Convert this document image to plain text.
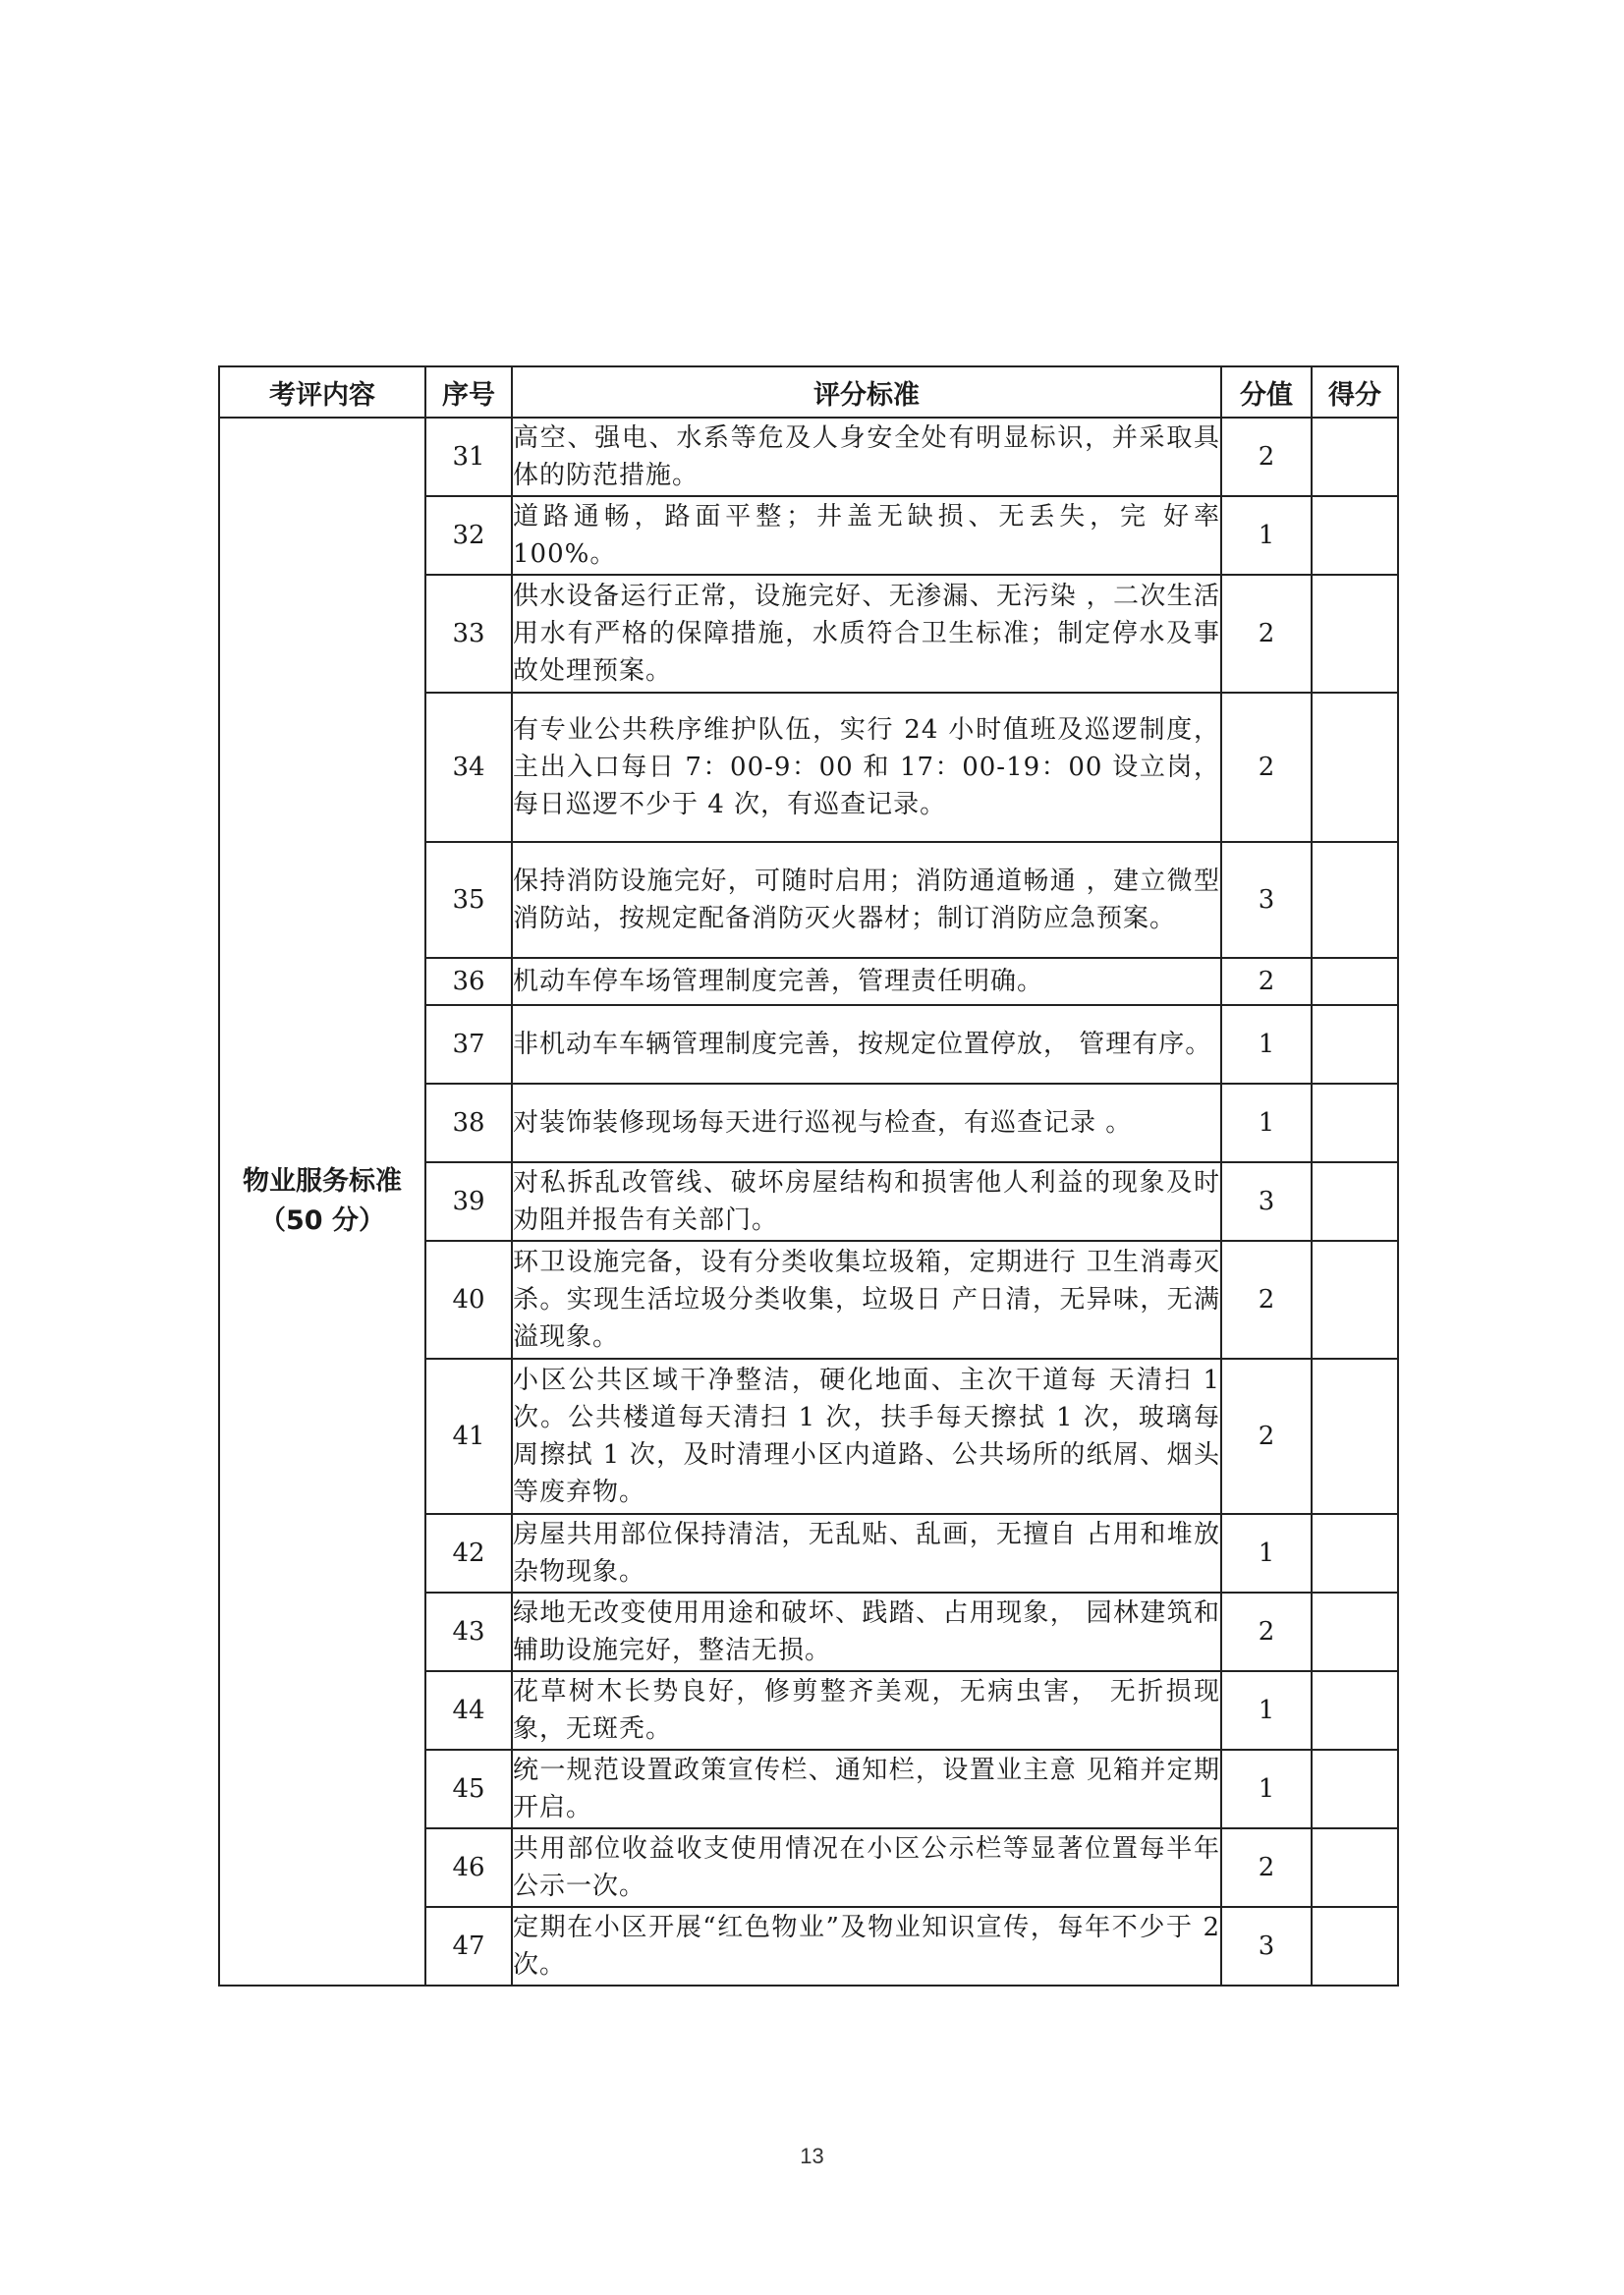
考评内容	序号	评分标准	分值	得分

物业服务标准
（50 分）	31	高空、强电、水系等危及人身安全处有明显标识，并采取具体的防范措施。	2	
	32	道路通畅，路面平整；井盖无缺损、无丢失，完 好率 100%。	1	
	33	供水设备运行正常，设施完好、无渗漏、无污染 ，二次生活用水有严格的保障措施，水质符合卫生标准；制定停水及事故处理预案。	2	
	34	有专业公共秩序维护队伍，实行 24 小时值班及巡逻制度，主出入口每日 7：00-9：00 和 17：00-19：00 设立岗，每日巡逻不少于 4 次，有巡查记录。	2	
	35	保持消防设施完好，可随时启用；消防通道畅通 ，建立微型消防站，按规定配备消防灭火器材；制订消防应急预案。	3	
	36	机动车停车场管理制度完善，管理责任明确。	2	
	37	非机动车车辆管理制度完善，按规定位置停放， 管理有序。	1	
	38	对装饰装修现场每天进行巡视与检查，有巡查记录 。	1	
	39	对私拆乱改管线、破坏房屋结构和损害他人利益的现象及时劝阻并报告有关部门。	3	
	40	环卫设施完备，设有分类收集垃圾箱，定期进行 卫生消毒灭杀。实现生活垃圾分类收集，垃圾日 产日清，无异味，无满溢现象。	2	
	41	小区公共区域干净整洁，硬化地面、主次干道每 天清扫 1 次。公共楼道每天清扫 1 次，扶手每天擦拭 1 次，玻璃每周擦拭 1 次，及时清理小区内道路、公共场所的纸屑、烟头等废弃物。	2	
	42	房屋共用部位保持清洁，无乱贴、乱画，无擅自 占用和堆放杂物现象。	1	
	43	绿地无改变使用用途和破坏、践踏、占用现象， 园林建筑和辅助设施完好，整洁无损。	2	
	44	花草树木长势良好，修剪整齐美观，无病虫害， 无折损现象，无斑秃。	1	
	45	统一规范设置政策宣传栏、通知栏，设置业主意 见箱并定期开启。	1	
	46	共用部位收益收支使用情况在小区公示栏等显著位置每半年公示一次。	2	
	47	定期在小区开展“红色物业”及物业知识宣传，每年不少于 2 次。	3	
13
